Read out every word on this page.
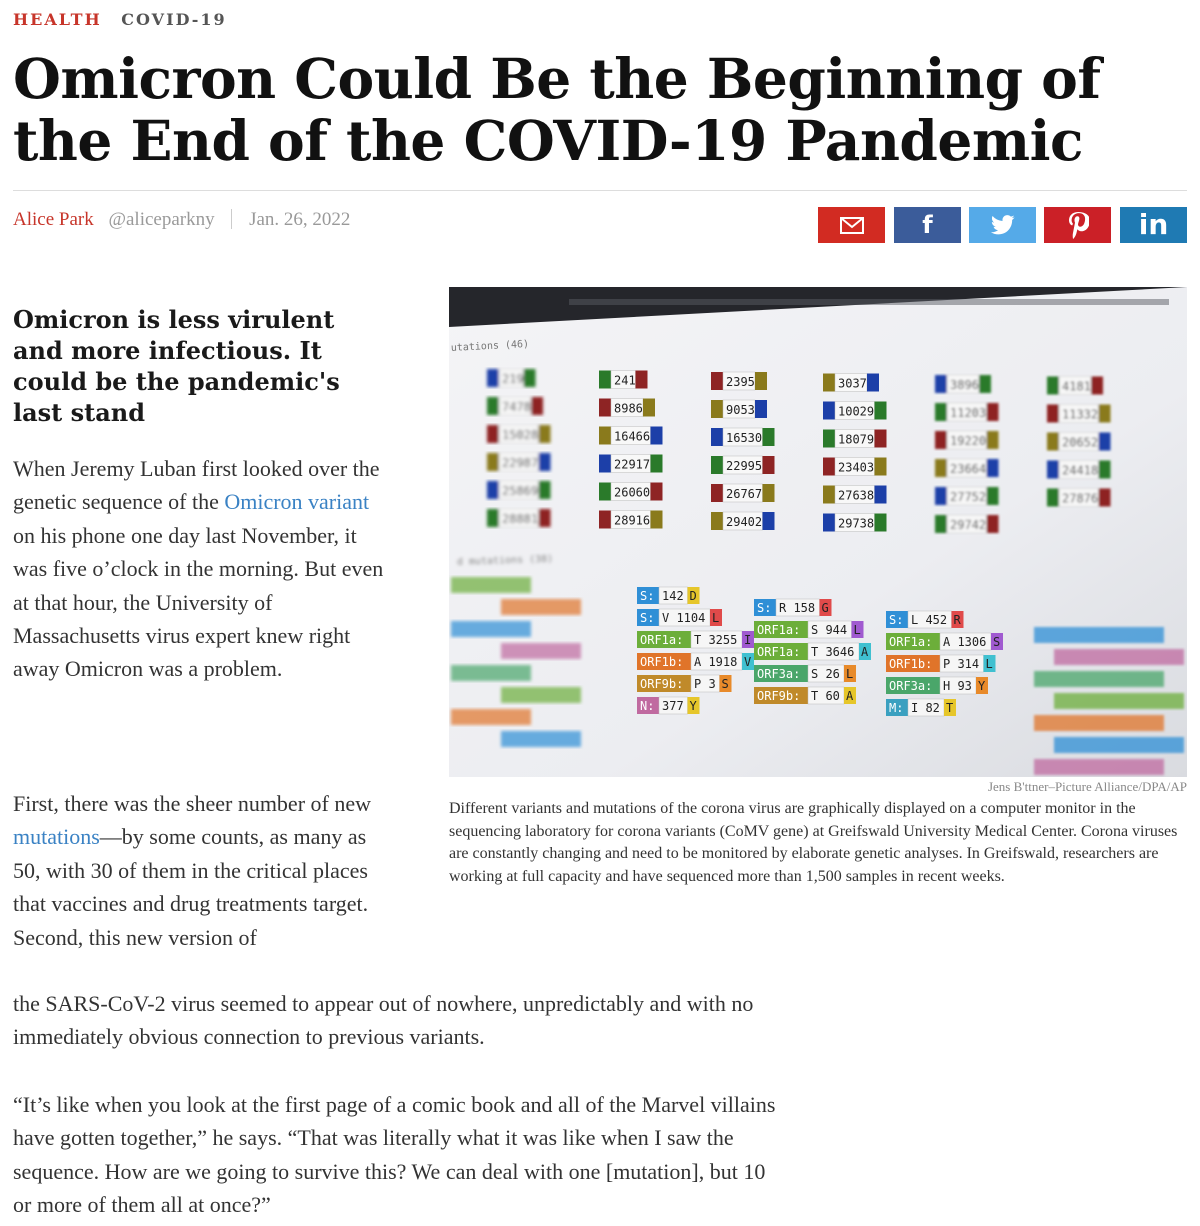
HEALTH COVID-19
Omicron Could Be the Beginning of the End of the COVID-19 Pandemic
Alice Park @aliceparkny Jan. 26, 2022	f	in
Omicron is less virulent and more infectious. It could be the pandemic's last stand

When Jeremy Luban first looked over the genetic sequence of the Omicron variant on his phone one day last November, it was five o’clock in the morning. But even at that hour, the University of Massachusetts virus expert knew right away Omicron was a problem.

First, there was the sheer number of new mutations—by some counts, as many as 50, with 30 of them in the critical places that vaccines and drug treatments target. Second, this new version of

the SARS-CoV-2 virus seemed to appear out of nowhere, unpredictably and with no immediately obvious connection to previous variants.

“It’s like when you look at the first page of a comic book and all of the Marvel villains have gotten together,” he says. “That was literally what it was like when I saw the sequence. How are we going to survive this? We can deal with one [mutation], but 10 or more of them all at once?”

utations (46)
d mutations (38)
219
7478
15028
22987
25869
28881
241
8986
16466
22917
26060
28916
2395
9053
16530
22995
26767
29402
3037
10029
18079
23403
27638
29738
3896
11203
19220
23664
27752
29742
4181
11332
20652
24418
27876
S: 142 D
S: V 1104 L
ORF1a: T 3255 I
ORF1b: A 1918 V
ORF9b: P 3 S
N: 377 Y
S: R 158 G
ORF1a: S 944 L
ORF1a: T 3646 A
ORF3a: S 26 L
ORF9b: T 60 A
S: L 452 R
ORF1a: A 1306 S
ORF1b: P 314 L
ORF3a: H 93 Y
M: I 82 T
Jens B'ttner–Picture Alliance/DPA/AP

Different variants and mutations of the corona virus are graphically displayed on a computer monitor in the sequencing laboratory for corona variants (CoMV gene) at Greifswald University Medical Center. Corona viruses are constantly changing and need to be monitored by elaborate genetic analyses. In Greifswald, researchers are working at full capacity and have sequenced more than 1,500 samples in recent weeks.
